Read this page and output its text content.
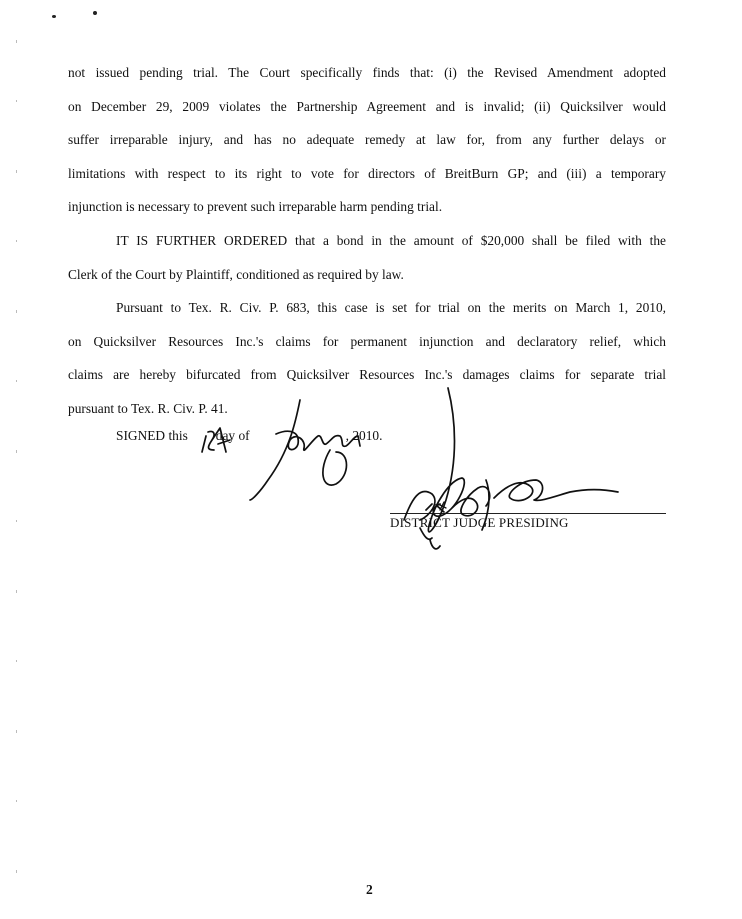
not issued pending trial. The Court specifically finds that: (i) the Revised Amendment adopted
on December 29, 2009 violates the Partnership Agreement and is invalid; (ii) Quicksilver would
suffer irreparable injury, and has no adequate remedy at law for, from any further delays or
limitations with respect to its right to vote for directors of BreitBurn GP; and (iii) a temporary
injunction is necessary to prevent such irreparable harm pending trial.
IT IS FURTHER ORDERED that a bond in the amount of $20,000 shall be filed with the
Clerk of the Court by Plaintiff, conditioned as required by law.
Pursuant to Tex. R. Civ. P. 683, this case is set for trial on the merits on March 1, 2010,
on Quicksilver Resources Inc.'s claims for permanent injunction and declaratory relief, which
claims are hereby bifurcated from Quicksilver Resources Inc.'s damages claims for separate trial
pursuant to Tex. R. Civ. P. 41.
SIGNED this day of	, 2010.
DISTRICT JUDGE PRESIDING
2
